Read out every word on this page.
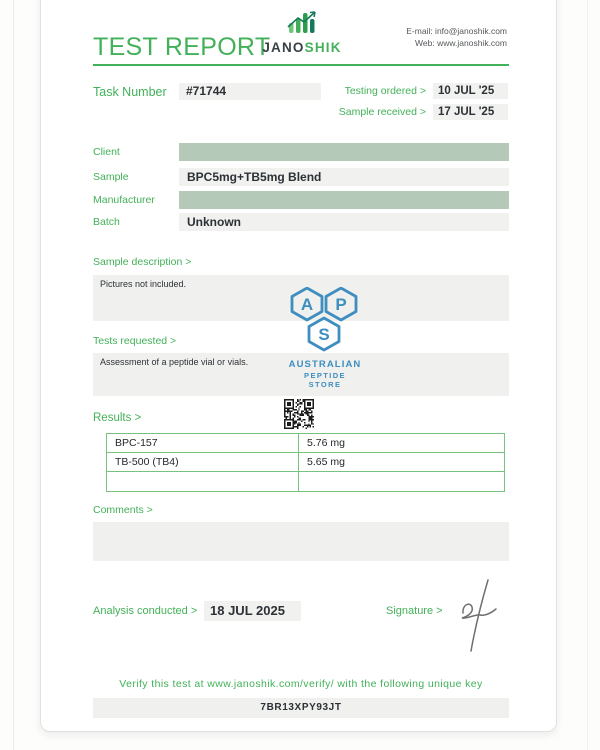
TEST REPORT
JANOSHIK
E-mail: info@janoshik.com
Web: www.janoshik.com
Task Number	#71744	Testing ordered >	10 JUL '25
Sample received >	17 JUL '25
Client
Sample	BPC5mg+TB5mg Blend
Manufacturer
Batch	Unknown
Sample description >
Pictures not included.
Tests requested >
Assessment of a peptide vial or vials.
A P
S
AUSTRALIAN
PEPTIDE STORE
Results >
BPC-157	5.76 mg
TB-500 (TB4)	5.65 mg
Comments >
Analysis conducted > 18 JUL 2025	Signature >
Verify this test at www.janoshik.com/verify/ with the following unique key
7BR13XPY93JT
